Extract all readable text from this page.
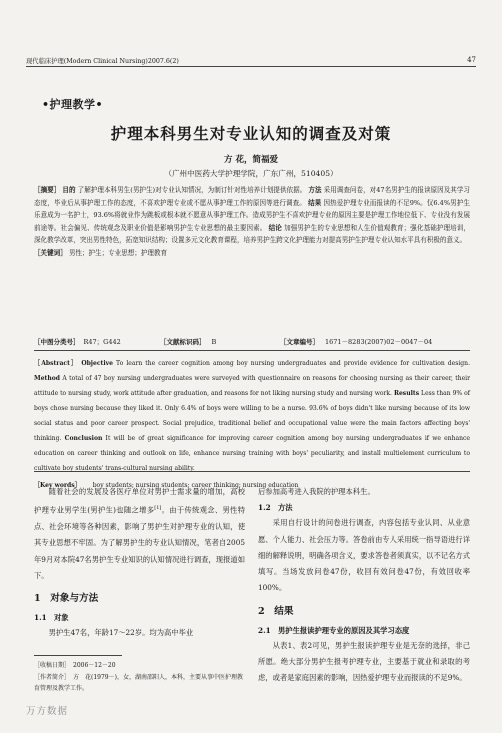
现代临床护理(Modern Clinical Nursing)2007.6(2)	47
•护理教学•
护理本科男生对专业认知的调查及对策
方 花，简福爱
（广州中医药大学护理学院，广东广州，510405）
［摘要］ 目的 了解护理本科男生(男护生)对专业认知情况，为制订针对性培养计划提供依据。 方法 采用调查问卷，对47名男护生的报读原因及其学习态度，毕业后从事护理工作的态度，不喜欢护理专业或不愿从事护理工作的原因等进行调查。 结果 因热爱护理专业而报读的不足9%。仅6.4%男护生乐意成为一名护士，93.6%将就业作为跳板或根本就不愿意从事护理工作。造成男护生不喜欢护理专业的原因主要是护理工作地位低下、专业没有发展前途等。社会偏见、传统观念及职业价值是影响男护生专业思想的最主要因素。 结论 加强男护生的专业思想和人生价值观教育；强化基础护理培训，深化教学改革，突出男性特色，拓宽知识结构；设置多元文化教育课程，培养男护生跨文化护理能力对提高男护生护理专业认知水平具有积极的意义。
［关键词］ 男性；护生；专业思想；护理教育
［中图分类号］ R47；G442	［文献标识码］ B	［文章编号］ 1671－8283(2007)02－0047－04
［Abstract］ Objective To learn the career cognition among boy nursing undergraduates and provide evidence for cultivation design. Method A total of 47 boy nursing undergraduates were surveyed with questionnaire on reasons for choosing nursing as their career, their attitude to nursing study, work attitude after graduation, and reasons for not liking nursing study and nursing work. Results Less than 9% of boys chose nursing because they liked it. Only 6.4% of boys were willing to be a nurse. 93.6% of boys didn't like nursing because of its low social status and poor career prospect. Social prejudice, traditional belief and occupational value were the main factors affecting boys' thinking. Conclusion It will be of great significance for improving career cognition among boy nursing undergraduates if we enhance education on career thinking and outlook on life, enhance nursing training with boys' peculiarity, and install multielement curriculum to cultivate boy students' trans-cultural nursing ability.
［Key words］ boy students; nursing students; career thinking; nursing education
随着社会的发展及各医疗单位对男护士需求量的增加，高校护理专业男学生(男护生)也随之增多[1]。由于传统观念、男性特点、社会环境等各种因素，影响了男护生对护理专业的认知，使其专业思想不牢固。为了解男护生的专业认知情况，笔者自2005年9月对本院47名男护生专业知识的认知情况进行调查，现报道如下。
1　对象与方法
1.1　对象
男护生47名，年龄17～22岁。均为高中毕业
［收稿日期］　2006－12－20
［作者简介］　方　花(1979－)，女，湖南邵阳人，本科，主要从事中医护理教育管理及教学工作。
后参加高考进入我院的护理本科生。
1.2　方法
采用自行设计的问卷进行调查，内容包括专业认同、从业意愿、个人能力、社会压力等。答卷前由专人采用统一指导语进行详细的解释说明，明确各项含义，要求答卷者须真实，以不记名方式填写。当场发放问卷47份，收回有效问卷47份，有效回收率100%。
2　结果
2.1　男护生报读护理专业的原因及其学习态度
从表1、表2可见，男护生报读护理专业是无奈的选择，非己所愿。绝大部分男护生报考护理专业，主要基于就业和录取的考虑，或者是家庭因素的影响，因热爱护理专业而报读的不足9%。
万方数据
